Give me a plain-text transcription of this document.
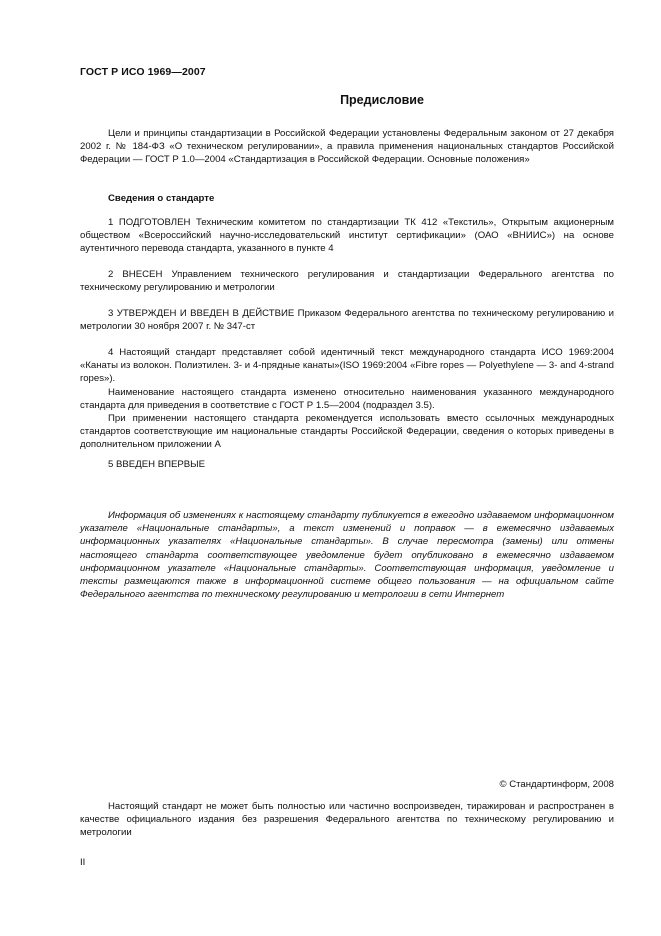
ГОСТ Р ИСО 1969—2007
Предисловие

Цели и принципы стандартизации в Российской Федерации установлены Федеральным законом от 27 декабря 2002 г. № 184-ФЗ «О техническом регулировании», а правила применения национальных стандартов Российской Федерации — ГОСТ Р 1.0—2004 «Стандартизация в Российской Федерации. Основные положения»

Сведения о стандарте

1 ПОДГОТОВЛЕН Техническим комитетом по стандартизации ТК 412 «Текстиль», Открытым акционерным обществом «Всероссийский научно-исследовательский институт сертификации» (ОАО «ВНИИС») на основе аутентичного перевода стандарта, указанного в пункте 4

2 ВНЕСЕН Управлением технического регулирования и стандартизации Федерального агентства по техническому регулированию и метрологии

3 УТВЕРЖДЕН И ВВЕДЕН В ДЕЙСТВИЕ Приказом Федерального агентства по техническому регулированию и метрологии 30 ноября 2007 г. № 347-ст

4 Настоящий стандарт представляет собой идентичный текст международного стандарта ИСО 1969:2004 «Канаты из волокон. Полиэтилен. 3- и 4-прядные канаты»(ISO 1969:2004 «Fibre ropes — Polyethylene — 3- and 4-strand ropes»).

Наименование настоящего стандарта изменено относительно наименования указанного международного стандарта для приведения в соответствие с ГОСТ Р 1.5—2004 (подраздел 3.5).

При применении настоящего стандарта рекомендуется использовать вместо ссылочных международных стандартов соответствующие им национальные стандарты Российской Федерации, сведения о которых приведены в дополнительном приложении А

5 ВВЕДЕН ВПЕРВЫЕ

Информация об изменениях к настоящему стандарту публикуется в ежегодно издаваемом информационном указателе «Национальные стандарты», а текст изменений и поправок — в ежемесячно издаваемых информационных указателях «Национальные стандарты». В случае пересмотра (замены) или отмены настоящего стандарта соответствующее уведомление будет опубликовано в ежемесячно издаваемом информационном указателе «Национальные стандарты». Соответствующая информация, уведомление и тексты размещаются также в информационной системе общего пользования — на официальном сайте Федерального агентства по техническому регулированию и метрологии в сети Интернет

© Стандартинформ, 2008

Настоящий стандарт не может быть полностью или частично воспроизведен, тиражирован и распространен в качестве официального издания без разрешения Федерального агентства по техническому регулированию и метрологии

II
